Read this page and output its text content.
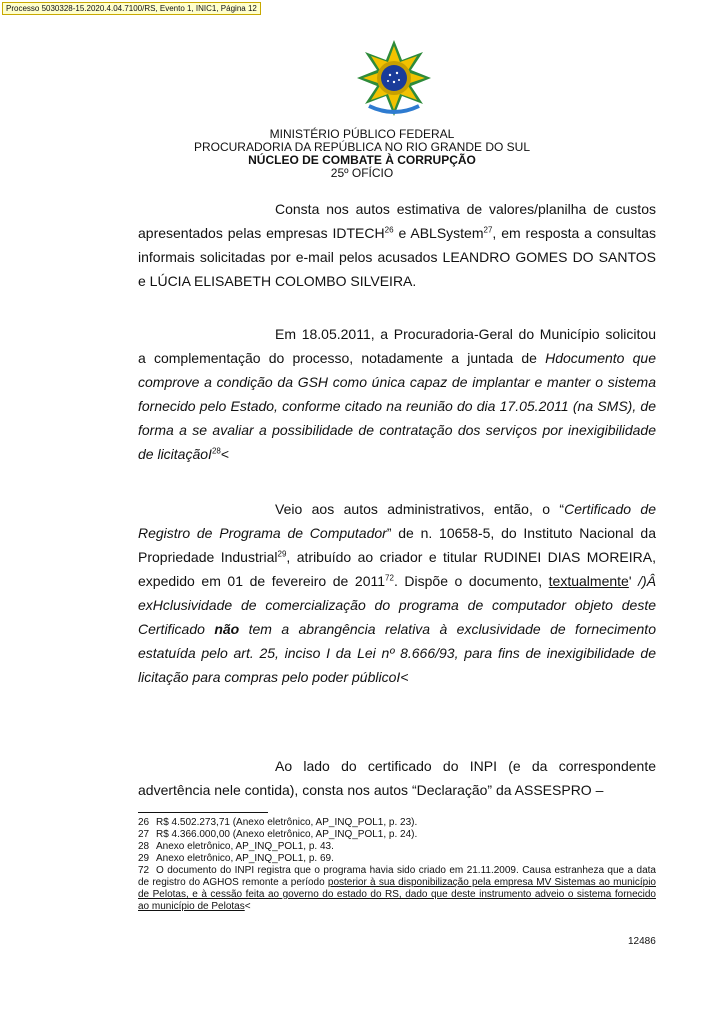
Processo 5030328-15.2020.4.04.7100/RS, Evento 1, INIC1, Página 12
MINISTÉRIO PÚBLICO FEDERAL
PROCURADORIA DA REPÚBLICA NO RIO GRANDE DO SUL
NÚCLEO DE COMBATE À CORRUPÇÃO
25º OFÍCIO
Consta nos autos estimativa de valores/planilha de custos apresentados pelas empresas IDTECH$^{26}$ e ABLSystem$^{27}$, em resposta a consultas informais solicitadas por e-mail pelos acusados LEANDRO GOMES DO SANTOS e LÚCIA ELISABETH COLOMBO SILVEIRA.
Em 18.05.2011, a Procuradoria-Geral do Município solicitou a complementação do processo, notadamente a juntada de Hdocumento que comprove a condição da GSH como única capaz de implantar e manter o sistema fornecido pelo Estado, conforme citado na reunião do dia 17.05.2011 (na SMS), de forma a se avaliar a possibilidade de contratação dos serviços por inexigibilidade de licitaçãoI$^{28}$<
Veio aos autos administrativos, então, o “Certificado de Registro de Programa de Computador” de n. 10658-5, do Instituto Nacional da Propriedade Industrial$^{29}$, atribuído ao criador e titular RUDINEI DIAS MOREIRA, expedido em 01 de fevereiro de 2011$^{72}$. Dispõe o documento, textualmente' /)Â exHclusividade de comercialização do programa de computador objeto deste Certificado não tem a abrangência relativa à exclusividade de fornecimento estatuída pelo art. 25, inciso I da Lei nº 8.666/93, para fins de inexigibilidade de licitação para compras pelo poder públicoI<
Ao lado do certificado do INPI (e da correspondente advertência nele contida), consta nos autos “Declaração” da ASSESPRO –
26 R$ 4.502.273,71 (Anexo eletrônico, AP_INQ_POL1, p. 23).
27 R$ 4.366.000,00 (Anexo eletrônico, AP_INQ_POL1, p. 24).
28 Anexo eletrônico, AP_INQ_POL1, p. 43.
29 Anexo eletrônico, AP_INQ_POL1, p. 69.
72 O documento do INPI registra que o programa havia sido criado em 21.11.2009. Causa estranheza que a data de registro do AGHOS remonte a período posterior à sua disponibilização pela empresa MV Sistemas ao município de Pelotas, e à cessão feita ao governo do estado do RS, dado que deste instrumento adveio o sistema fornecido ao município de Pelotas<
12486
